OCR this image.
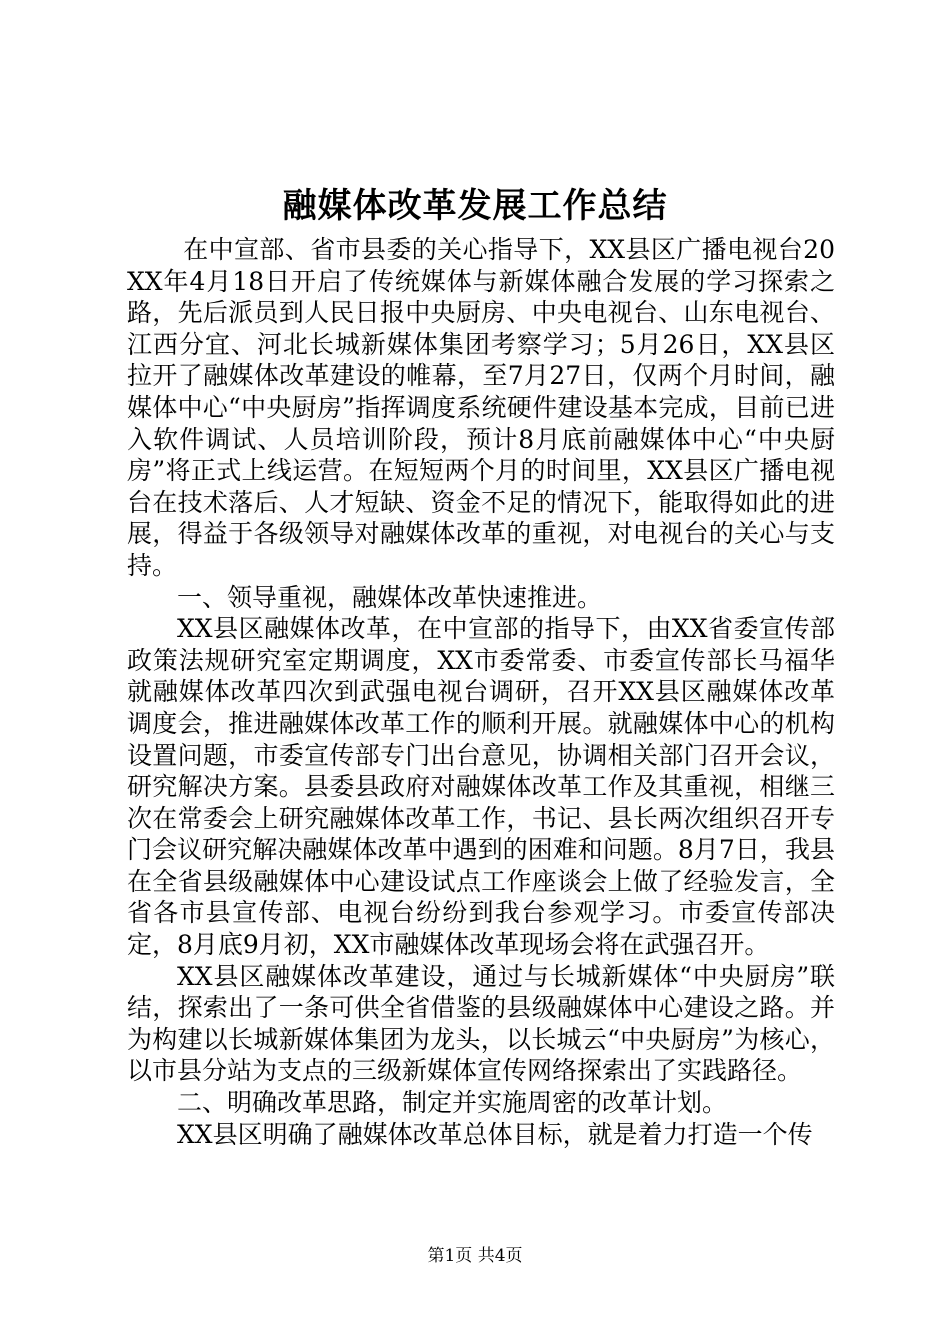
融媒体改革发展工作总结

在中宣部、省市县委的关心指导下，XX县区广播电视台20XX年4月18日开启了传统媒体与新媒体融合发展的学习探索之路，先后派员到人民日报中央厨房、中央电视台、山东电视台、江西分宜、河北长城新媒体集团考察学习；5月26日，XX县区拉开了融媒体改革建设的帷幕，至7月27日，仅两个月时间，融媒体中心“中央厨房”指挥调度系统硬件建设基本完成，目前已进入软件调试、人员培训阶段，预计8月底前融媒体中心“中央厨房”将正式上线运营。在短短两个月的时间里，XX县区广播电视台在技术落后、人才短缺、资金不足的情况下，能取得如此的进展，得益于各级领导对融媒体改革的重视，对电视台的关心与支持。

一、领导重视，融媒体改革快速推进。

XX县区融媒体改革，在中宣部的指导下，由XX省委宣传部政策法规研究室定期调度，XX市委常委、市委宣传部长马福华就融媒体改革四次到武强电视台调研，召开XX县区融媒体改革调度会，推进融媒体改革工作的顺利开展。就融媒体中心的机构设置问题，市委宣传部专门出台意见，协调相关部门召开会议，研究解决方案。县委县政府对融媒体改革工作及其重视，相继三次在常委会上研究融媒体改革工作，书记、县长两次组织召开专门会议研究解决融媒体改革中遇到的困难和问题。8月7日，我县在全省县级融媒体中心建设试点工作座谈会上做了经验发言，全省各市县宣传部、电视台纷纷到我台参观学习。市委宣传部决定，8月底9月初，XX市融媒体改革现场会将在武强召开。

XX县区融媒体改革建设，通过与长城新媒体“中央厨房”联结，探索出了一条可供全省借鉴的县级融媒体中心建设之路。并为构建以长城新媒体集团为龙头，以长城云“中央厨房”为核心，以市县分站为支点的三级新媒体宣传网络探索出了实践路径。

二、明确改革思路，制定并实施周密的改革计划。

XX县区明确了融媒体改革总体目标，就是着力打造一个传

第1页 共4页
